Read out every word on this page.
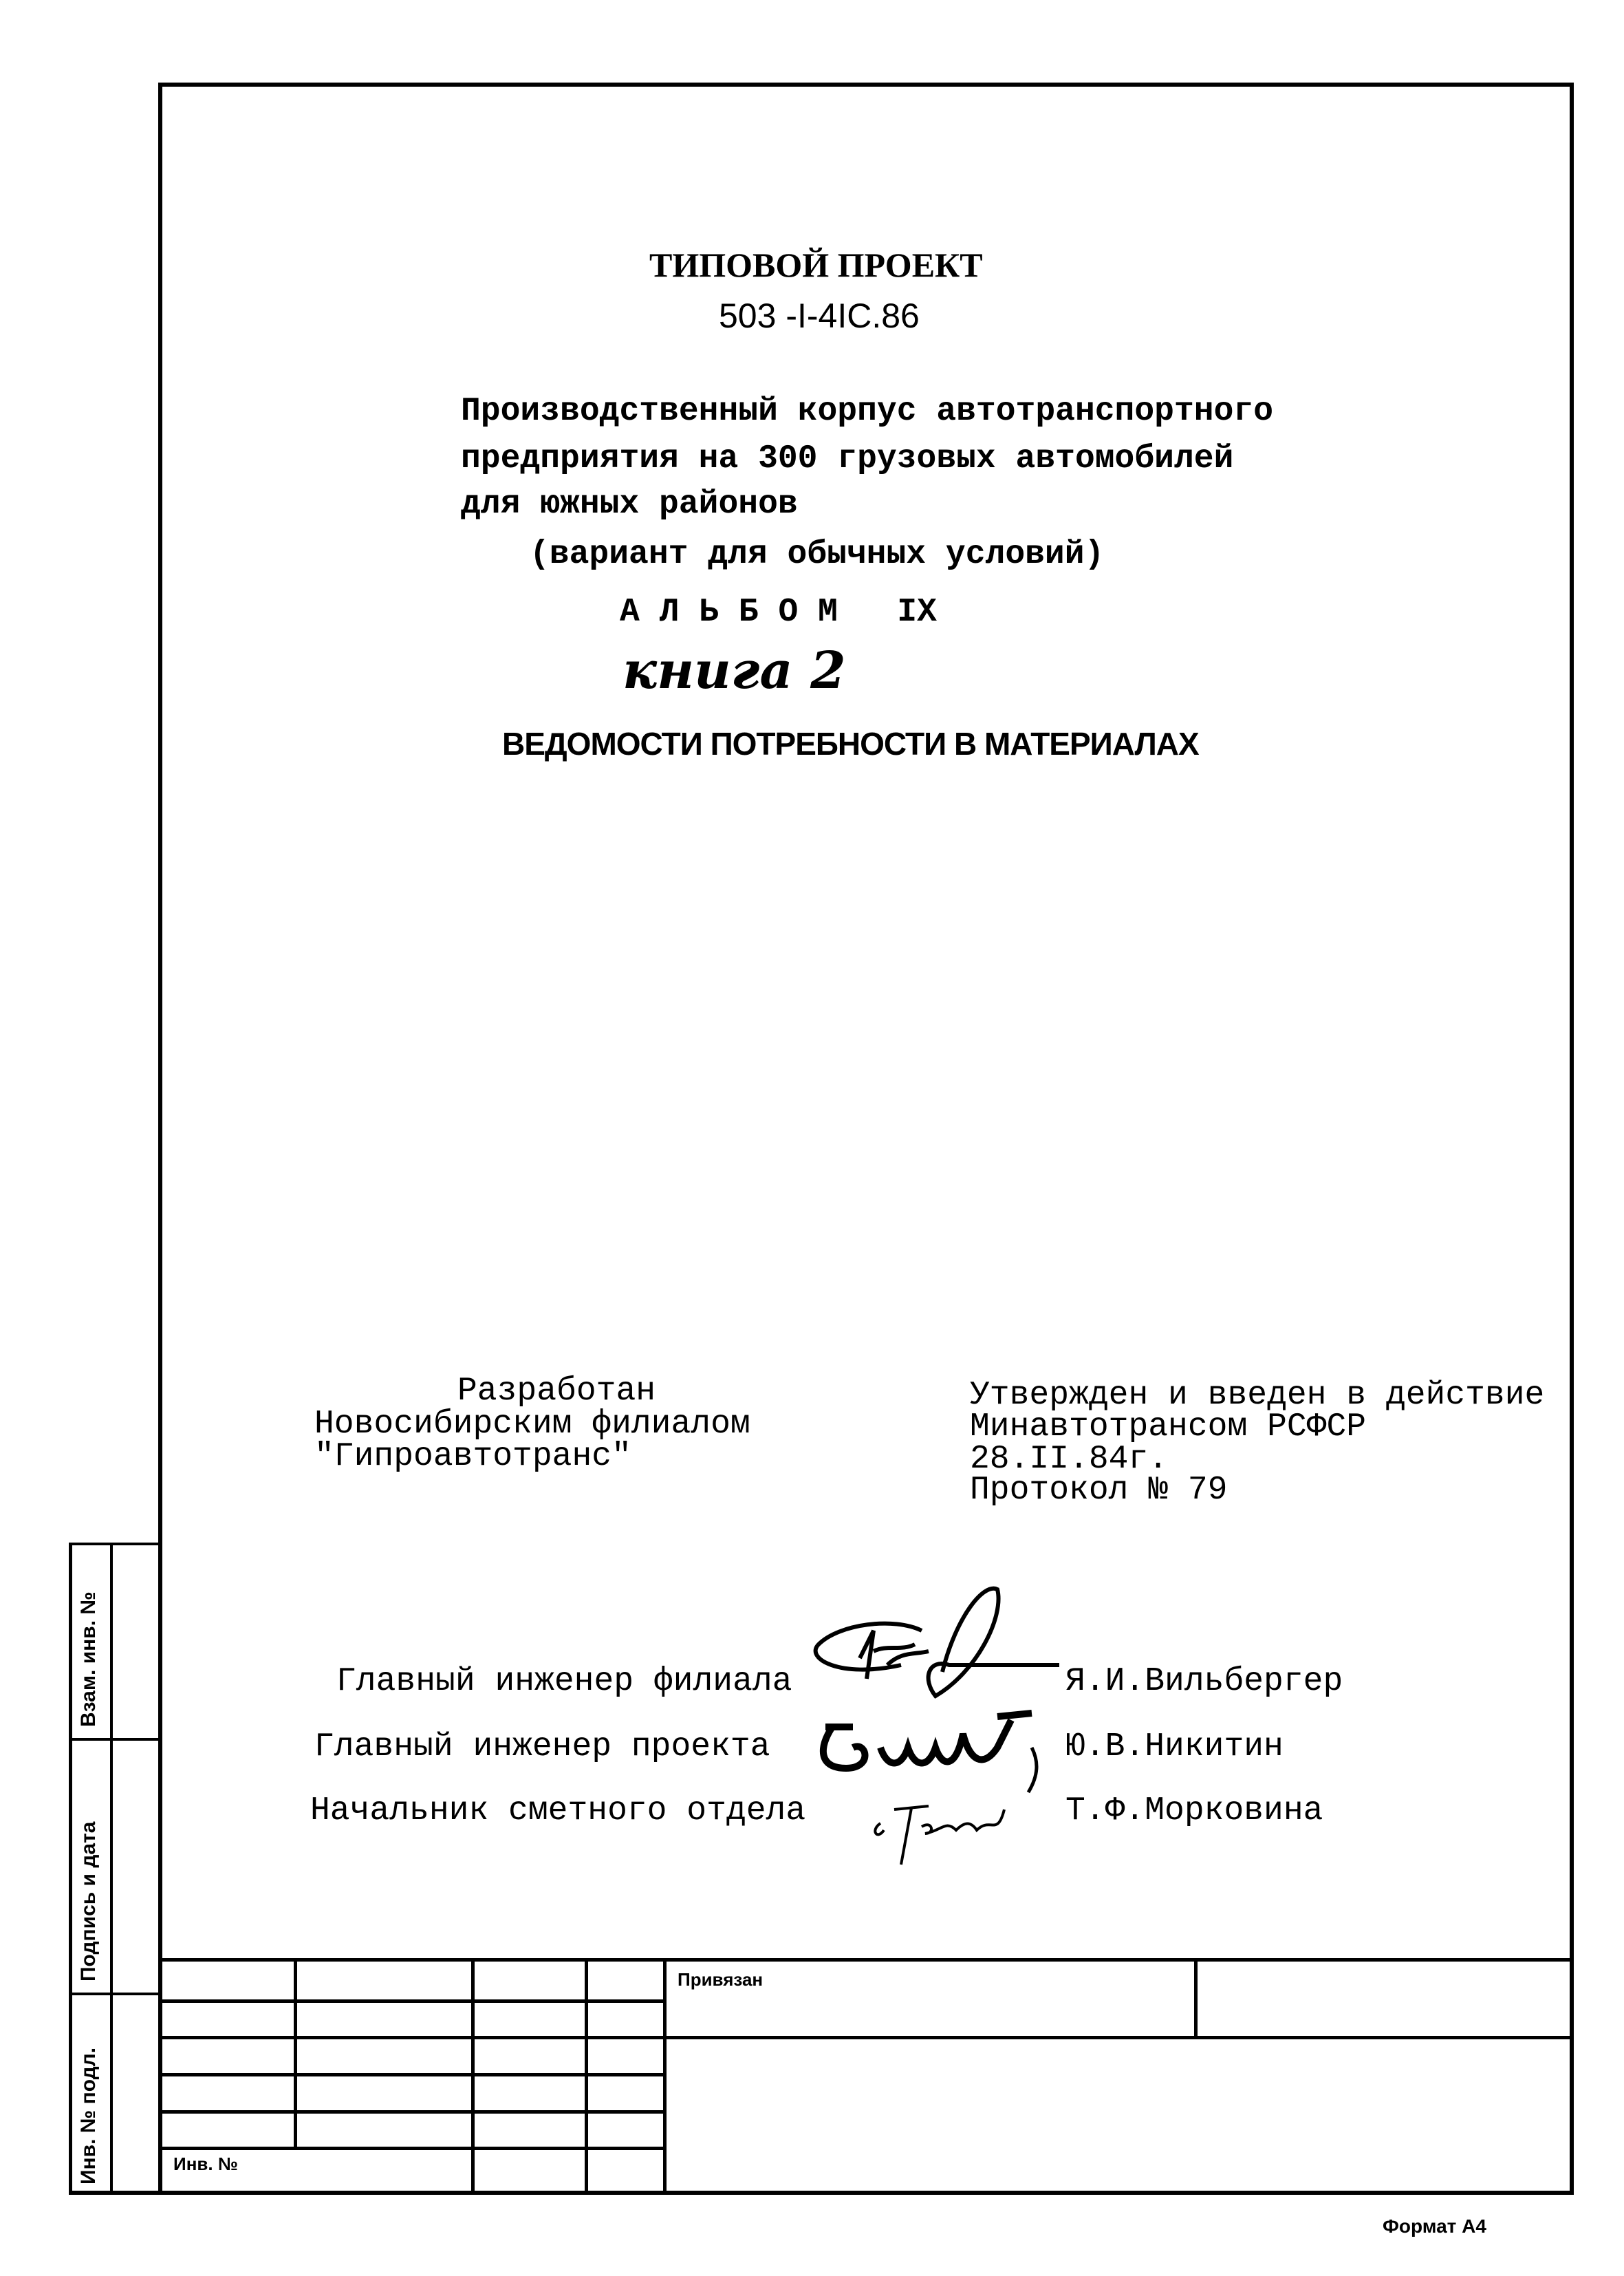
Взам. инв. №
Подпись и дата
Инв. № подл.
ТИПОВОЙ ПРОЕКТ
503 -I-4IC.86
Производственный корпус автотранспортного
предприятия на 300 грузовых автомобилей
для южных районов
(вариант для обычных условий)
А Л Ь Б О М   IX
книга 2
ВЕДОМОСТИ ПОТРЕБНОСТИ В МАТЕРИАЛАХ
Разработан
Новосибирским филиалом
"Гипроавтотранс"
Утвержден и введен в действие
Минавтотрансом РСФСР
28.II.84г.
Протокол № 79
Главный инженер филиала	Я.И.Вильбергер
Главный инженер проекта	Ю.В.Никитин
Начальник сметного отдела	Т.Ф.Морковина
Привязан
Инв. №
Формат А4
